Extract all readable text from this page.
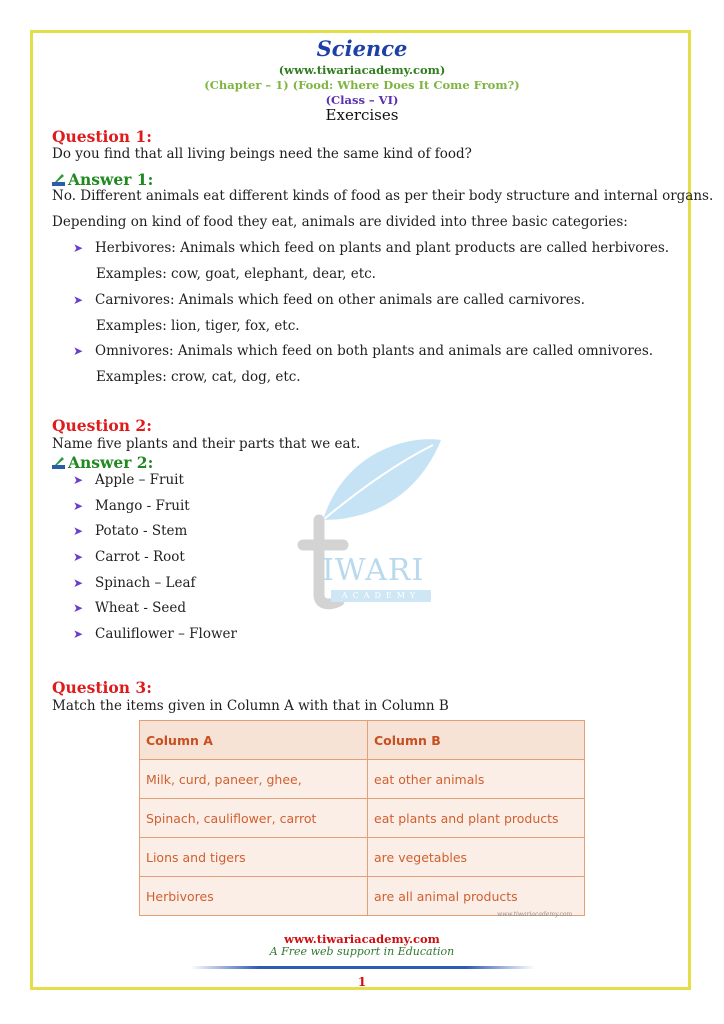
Science
(www.tiwariacademy.com)
(Chapter – 1) (Food: Where Does It Come From?)
(Class – VI)
Exercises
IWARI
ACADEMY
Question 1:
Do you find that all living beings need the same kind of food?
Answer 1:
No. Different animals eat different kinds of food as per their body structure and internal organs.
Depending on kind of food they eat, animals are divided into three basic categories:
➤ Herbivores: Animals which feed on plants and plant products are called herbivores.
Examples: cow, goat, elephant, dear, etc.
➤ Carnivores: Animals which feed on other animals are called carnivores.
Examples: lion, tiger, fox, etc.
➤ Omnivores: Animals which feed on both plants and animals are called omnivores.
Examples: crow, cat, dog, etc.
Question 2:
Name five plants and their parts that we eat.
Answer 2:
➤ Apple – Fruit
➤ Mango - Fruit
➤ Potato - Stem
➤ Carrot - Root
➤ Spinach – Leaf
➤ Wheat - Seed
➤ Cauliflower – Flower
Question 3:
Match the items given in Column A with that in Column B
Column A	Column B
Milk, curd, paneer, ghee,	eat other animals
Spinach, cauliflower, carrot	eat plants and plant products
Lions and tigers	are vegetables
Herbivores	are all animal products
www.tiwariacademy.com
www.tiwariacademy.com
A Free web support in Education
1
